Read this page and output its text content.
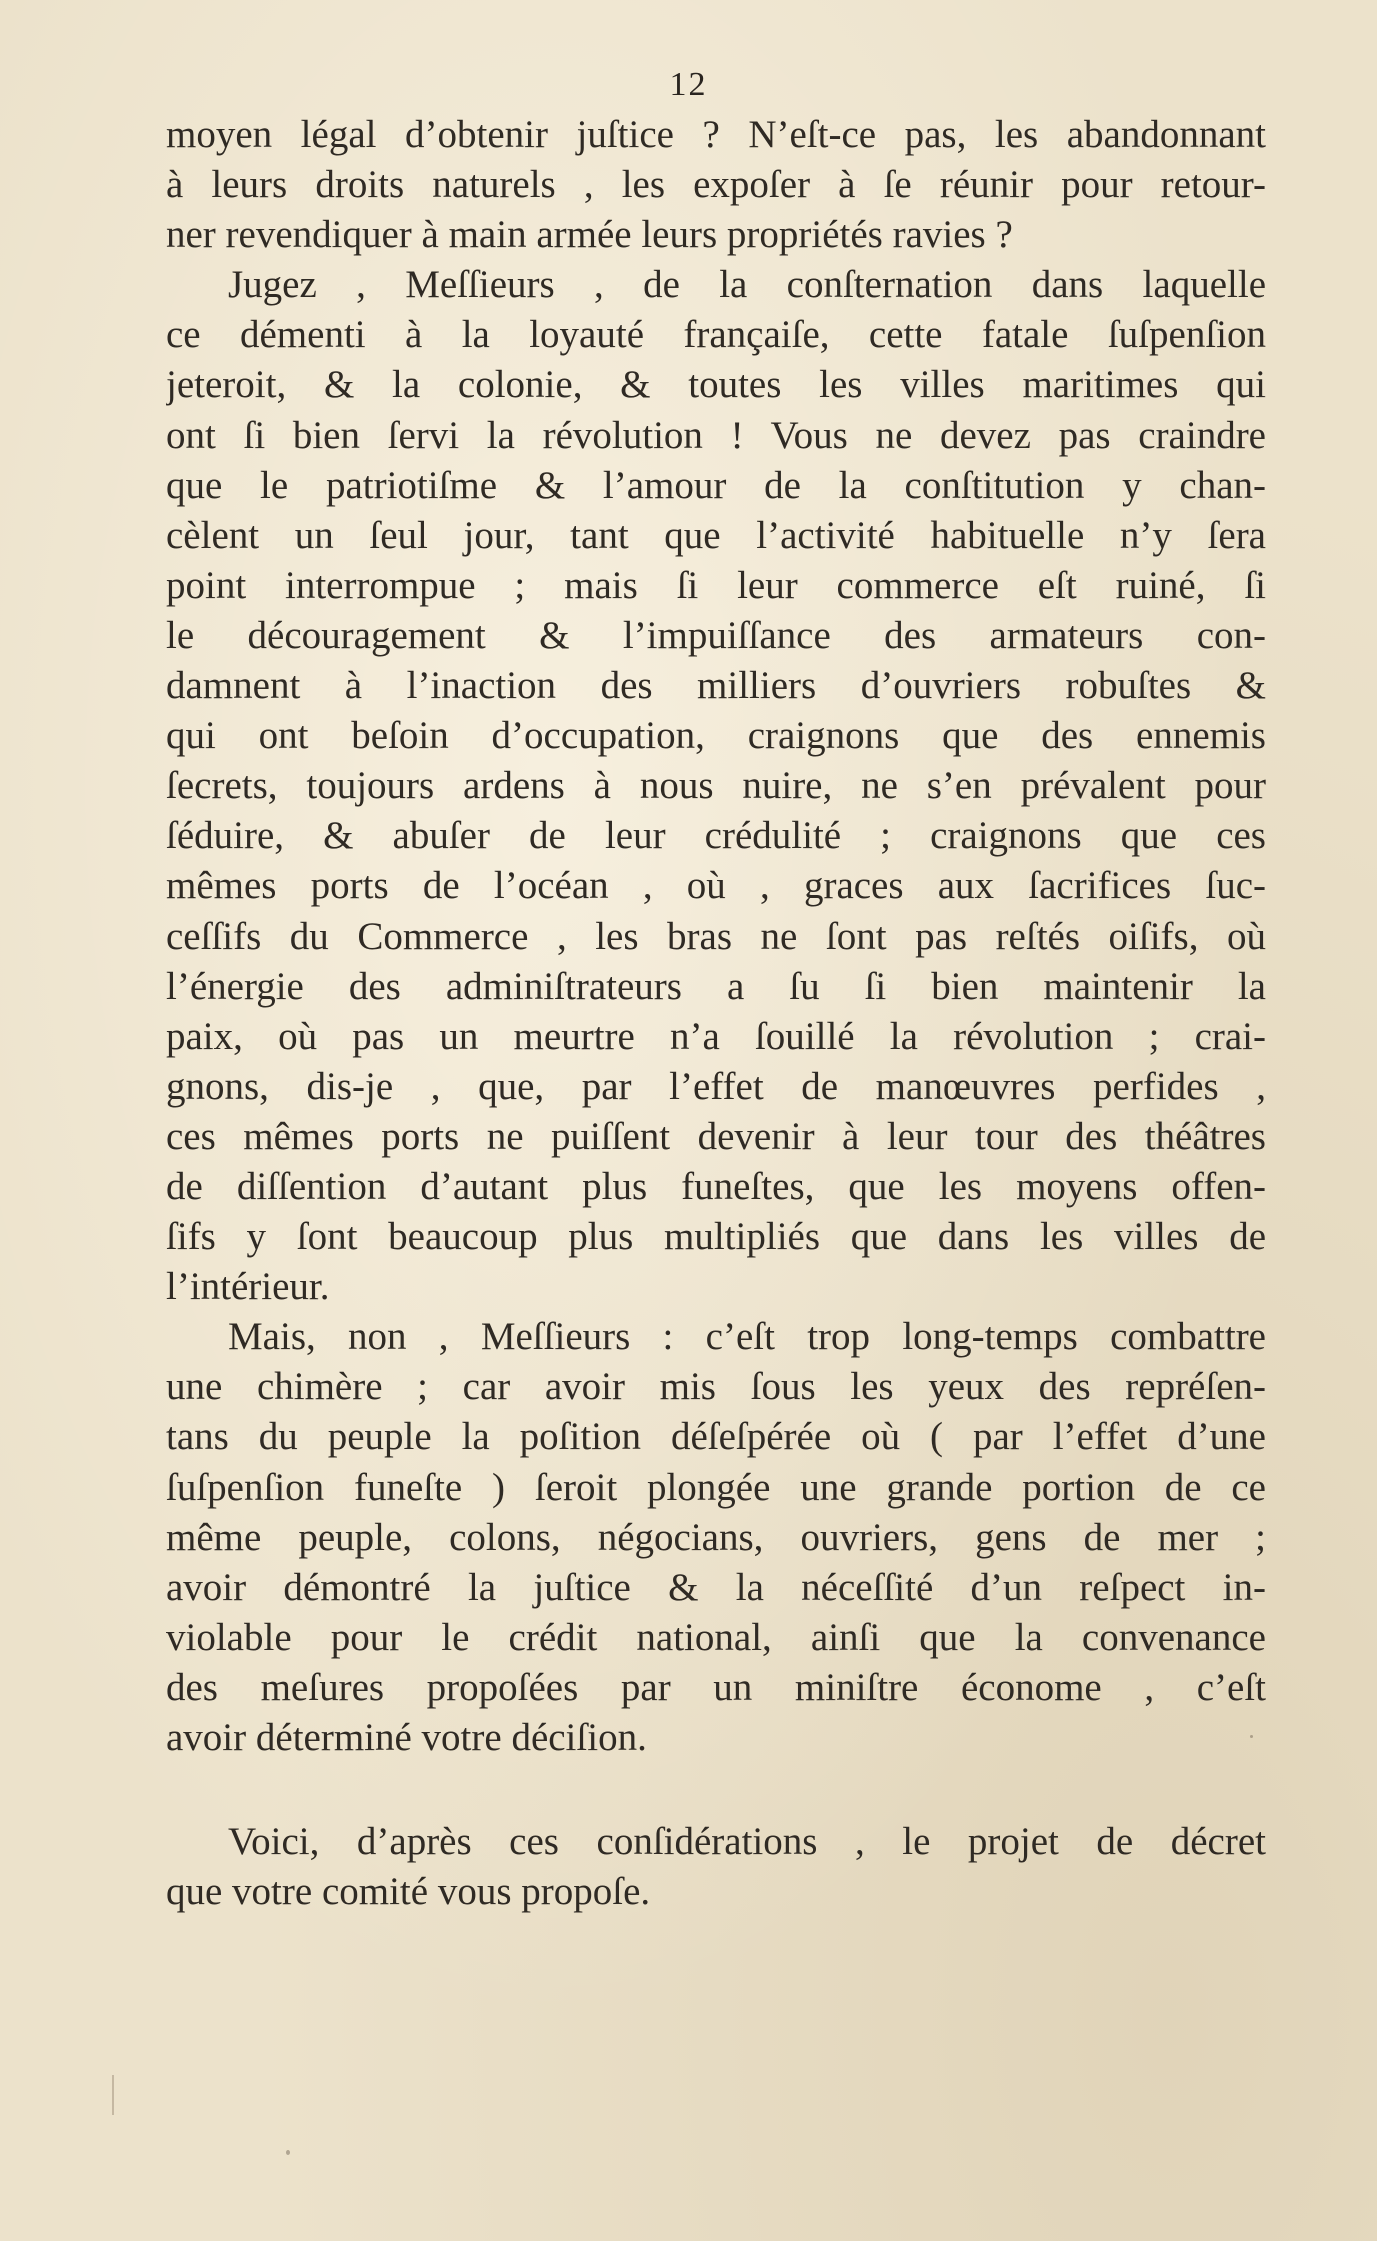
12
moyen légal d’obtenir juſtice ? N’eſt-ce pas, les abandonnant
à leurs droits naturels , les expoſer à ſe réunir pour retour-
ner revendiquer à main armée leurs propriétés ravies ?
Jugez , Meſſieurs , de la conſternation dans laquelle
ce démenti à la loyauté françaiſe, cette fatale ſuſpenſion
jeteroit, & la colonie, & toutes les villes maritimes qui
ont ſi bien ſervi la révolution ! Vous ne devez pas craindre
que le patriotiſme & l’amour de la conſtitution y chan-
cèlent un ſeul jour, tant que l’activité habituelle n’y ſera
point interrompue ; mais ſi leur commerce eſt ruiné, ſi
le découragement & l’impuiſſance des armateurs con-
damnent à l’inaction des milliers d’ouvriers robuſtes &
qui ont beſoin d’occupation, craignons que des ennemis
ſecrets, toujours ardens à nous nuire, ne s’en prévalent pour
ſéduire, & abuſer de leur crédulité ; craignons que ces
mêmes ports de l’océan , où , graces aux ſacrifices ſuc-
ceſſifs du Commerce , les bras ne ſont pas reſtés oiſifs, où
l’énergie des adminiſtrateurs a ſu ſi bien maintenir la
paix, où pas un meurtre n’a ſouillé la révolution ; crai-
gnons, dis-je , que, par l’effet de manœuvres perfides ,
ces mêmes ports ne puiſſent devenir à leur tour des théâtres
de diſſention d’autant plus funeſtes, que les moyens offen-
ſifs y ſont beaucoup plus multipliés que dans les villes de
l’intérieur.
Mais, non , Meſſieurs : c’eſt trop long-temps combattre
une chimère ; car avoir mis ſous les yeux des repréſen-
tans du peuple la poſition déſeſpérée où ( par l’effet d’une
ſuſpenſion funeſte ) ſeroit plongée une grande portion de ce
même peuple, colons, négocians, ouvriers, gens de mer ;
avoir démontré la juſtice & la néceſſité d’un reſpect in-
violable pour le crédit national, ainſi que la convenance
des meſures propoſées par un miniſtre économe , c’eſt
avoir déterminé votre déciſion.
Voici, d’après ces conſidérations , le projet de décret
que votre comité vous propoſe.
